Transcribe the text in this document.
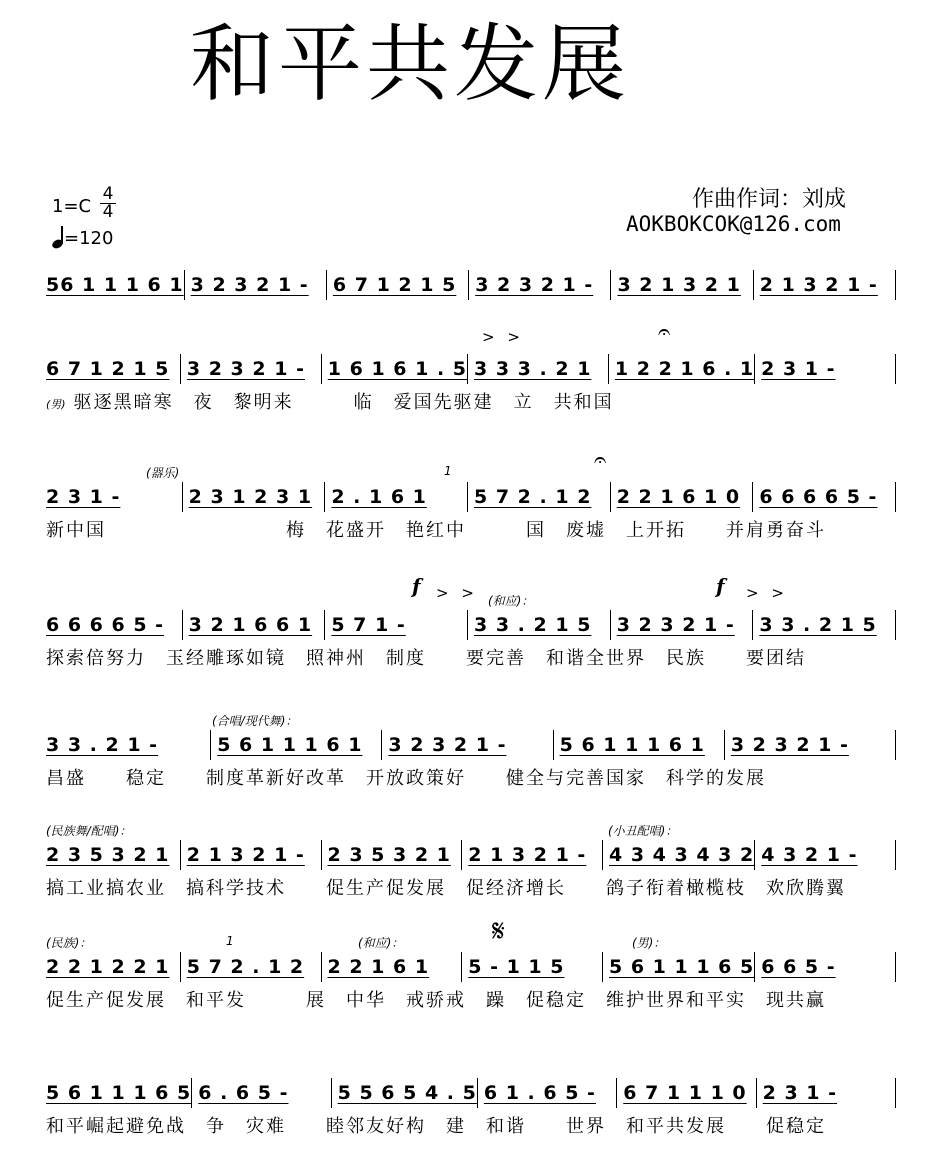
和平共发展
作曲作词：刘成
AOKBOKCOK@126.com
$1=C \frac{4}{4}$
=120
56 1 1 1 6 1 3 2 3 2 1 -	6 7 1 2 1 5 3 2 3 2 1 -	3 2 1 3 2 1 2 1 3 2 1 -
> >	𝄐
6 7 1 2 1 5 3 2 3 2 1 -	1 6 1 6 1 . 5 3 3 3 . 2 1	1 2 2 1 6 . 1 2 3 1 -
(男) 驱逐黑暗寒　夜　黎明来　　　临　爱国先驱建　立　共和国
(器乐)	1	𝄐
2 3 1 -	2 3 1 2 3 1	2 . 1 6 1	5 7 2 . 1 2	2 2 1 6 1 0	6 6 6 6 5 -
新中国　　　　　　　　　梅　花盛开　艳红中　　　国　废墟　上开拓　　并肩勇奋斗
f > > (和应)：
f > >
6 6 6 6 5 -	3 2 1 6 6 1	5 7 1 -	3 3 . 2 1 5	3 2 3 2 1 -	3 3 . 2 1 5
探索倍努力　玉经雕琢如镜　照神州　制度　　要完善　和谐全世界　民族　　要团结
(合唱/现代舞)：
3 3 . 2 1 -	5 6 1 1 1 6 1	3 2 3 2 1 -	5 6 1 1 1 6 1	3 2 3 2 1 -
昌盛　　稳定　　制度革新好改革　开放政策好　　健全与完善国家　科学的发展
(民族舞/配唱)：	(小丑配唱)：
2 3 5 3 2 1 2 1 3 2 1 -	2 3 5 3 2 1 2 1 3 2 1 -	4 3 4 3 4 3 2 4 3 2 1 -
搞工业搞农业　搞科学技术　　促生产促发展　促经济增长　　鸽子衔着橄榄枝　欢欣腾翼
(民族)：	1	(和应)：	𝄋	(男)：
2 2 1 2 2 1 5 7 2 . 1 2	2 2 1 6 1	5 - 1 1 5	5 6 1 1 1 6 5 6 6 5 -
促生产促发展　和平发　　　展　中华　戒骄戒　躁　促稳定　维护世界和平实　现共赢
5 6 1 1 1 6 5 6 . 6 5 -	5 5 6 5 4 . 5 6 1 . 6 5 -	6 7 1 1 1 0 2 3 1 -
和平崛起避免战　争　灾难　　睦邻友好构　建　和谐　　世界　和平共发展　　促稳定
